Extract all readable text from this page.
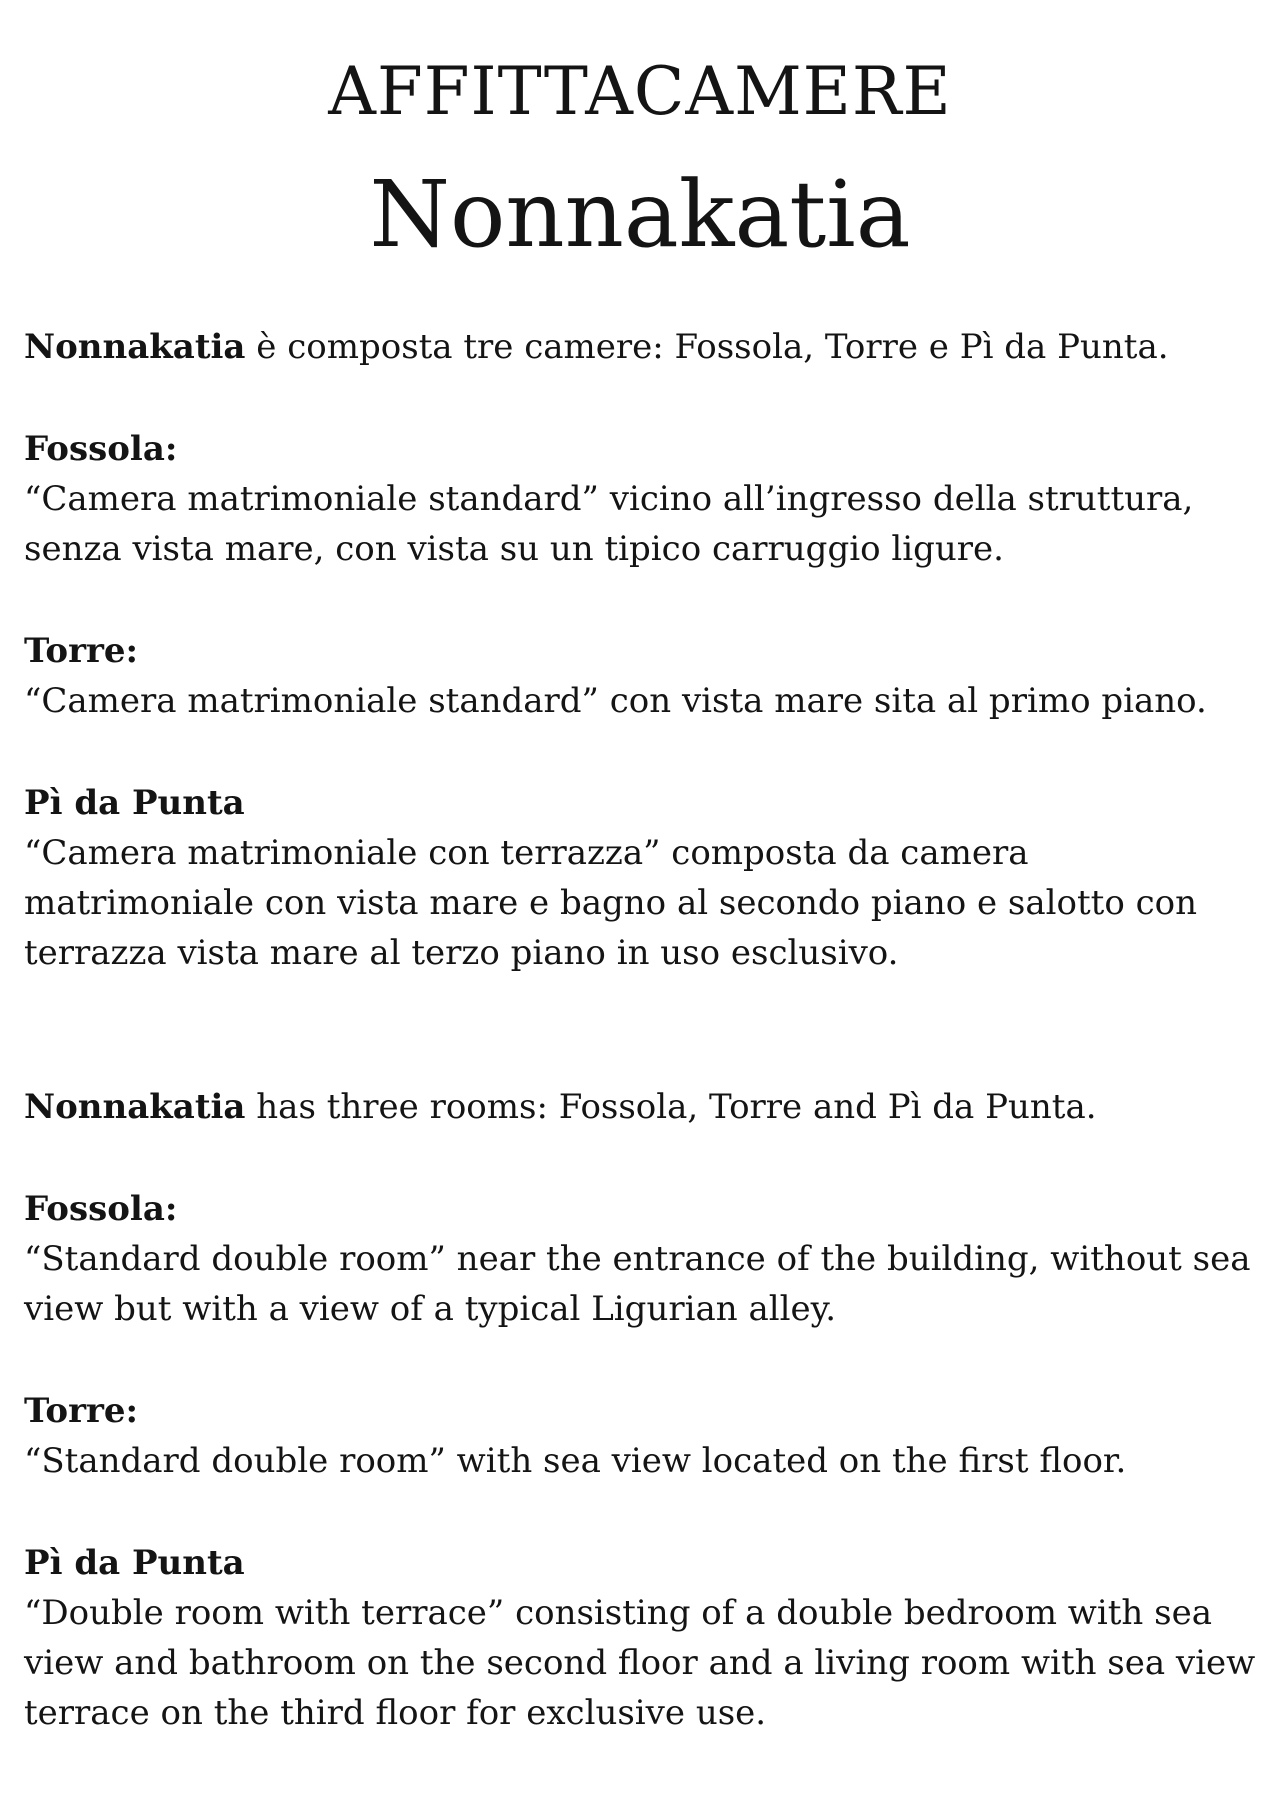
AFFITTACAMERE
Nonnakatia

Nonnakatia è composta tre camere: Fossola, Torre e Pì da Punta.

Fossola:

“Camera matrimoniale standard” vicino all’ingresso della struttura, senza vista mare, con vista su un tipico carruggio ligure.

Torre:

“Camera matrimoniale standard” con vista mare sita al primo piano.

Pì da Punta

“Camera matrimoniale con terrazza” composta da camera matrimoniale con vista mare e bagno al secondo piano e salotto con terrazza vista mare al terzo piano in uso esclusivo.

Nonnakatia has three rooms: Fossola, Torre and Pì da Punta.

Fossola:

“Standard double room” near the entrance of the building, without sea view but with a view of a typical Ligurian alley.

Torre:

“Standard double room” with sea view located on the first floor.

Pì da Punta

“Double room with terrace” consisting of a double bedroom with sea view and bathroom on the second floor and a living room with sea view terrace on the third floor for exclusive use.
